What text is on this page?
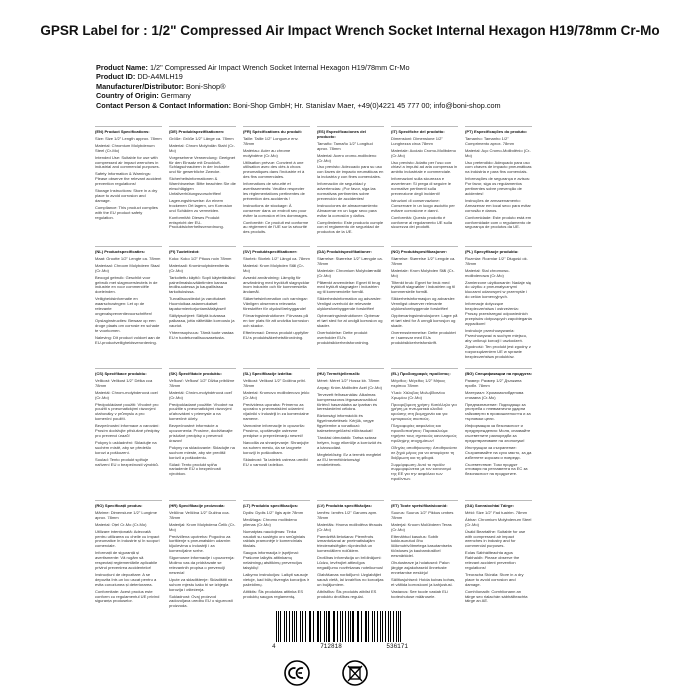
GPSR Label for : 1/2" Compressed Air Impact Wrench Socket Internal Hexagon H19/78mm Cr-Mo
Product Name: 1/2" Compressed Air Impact Wrench Socket Internal Hexagon H19/78mm Cr-Mo
Product ID: DD-A4MLH19
Manufacturer/Distributor: Boni-Shop®
Country of Origin: Germany
Contact Person & Contact Information: Boni-Shop GmbH; Hr. Stanislav Maer, +49(0)4221 45 777 00; info@boni-shop.com

(EN) Product Specifications:

Size: Size 1/2" Length approx. 78mm

Material: Chromium Molybdenum Steel (Cr-Mo)

Intended Use: Suitable for use with compressed air impact wrenches in industrial and commercial purposes.

Safety Information & Warnings: Please observe the relevant accident prevention regulations!

Storage Instructions: Store in a dry place to avoid corrosion and damage.

Compliance: This product complies with the EU product safety regulation.

(DE) Produktspezifikationen:

Größe: Größe 1/2" Länge ca. 78mm

Material: Chrom Molybdän Stahl (Cr-Mo)

Vorgesehene Verwendung: Geeignet für den Einsatz mit Druckluft-Schlagschraubern in der Industrie und für gewerbliche Zwecke.

Sicherheitsinformationen & Warnhinweise: Bitte beachten Sie die einschlägigen Unfallverhütungsvorschriften!

Lagerungshinweise: An einem trockenen Ort lagern, um Korrosion und Schäden zu vermeiden.

Konformität: Dieses Produkt entspricht der EU-Produktsicherheitsverordnung.

(FR) Spécifications du produit:

Taille: Taille 1/2" Longueur env. 78mm

Matériau: Acier au chrome molybdène (Cr-Mo)

Utilisation prévue: Convient à une utilisation avec des clés à chocs pneumatiques dans l'industrie et à des fins commerciales.

Informations de sécurité et avertissements: Veuillez respecter les réglementations pertinentes de prévention des accidents !

Instructions de stockage: À conserver dans un endroit sec pour éviter la corrosion et les dommages.

Conformité: Ce produit est conforme au règlement de l'UE sur la sécurité des produits.

(ES) Especificaciones del producto:

Tamaño: Tamaño 1/2" Longitud aprox. 78mm

Material: Acero cromo-molibdeno (Cr-Mo)

Uso previsto: Adecuado para su uso con llaves de impacto neumáticas en la industria y con fines comerciales.

Información de seguridad y advertencias: ¡Por favor, siga las normativas pertinentes sobre prevención de accidentes!

Instrucciones de almacenamiento: Almacenar en un lugar seco para evitar la corrosión y daños.

Cumplimiento: Este producto cumple con el reglamento de seguridad de productos de la UE.

(IT) Specifiche del prodotto:

Dimensioni: Dimensione 1/2" Lunghezza circa 78mm

Materiale: Acciaio Cromo-Molibdeno (Cr-Mo)

Uso previsto: Adatto per l'uso con chiavi a impulsi ad aria compressa in ambito industriale e commerciale.

Informazioni sulla sicurezza e avvertenze: Si prega di seguire le normative pertinenti sulla prevenzione degli incidenti!

Istruzioni di conservazione: Conservare in un luogo asciutto per evitare corrosione e danni.

Conformità: Questo prodotto è conforme al regolamento UE sulla sicurezza dei prodotti.

(PT) Especificações do produto:

Tamanho: Tamanho 1/2" Comprimento aprox. 78mm

Material: Aço Cromo-Molibdênio (Cr-Mo)

Uso pretendido: Adequado para uso com chaves de impacto pneumáticas na indústria e para fins comerciais.

Informações de segurança e avisos: Por favor, siga os regulamentos pertinentes sobre prevenção de acidentes!

Instruções de armazenamento: Armazenar em local seco para evitar corrosão e danos.

Conformidade: Este produto está em conformidade com o regulamento de segurança de produtos da UE.

(NL) Productspecificaties:

Maat: Grootte 1/2" Lengte ca. 78mm

Materiaal: Chroom Molybdeen Staal (Cr-Mo)

Beoogd gebruik: Geschikt voor gebruik met slagmoersleutels in de industrie en voor commerciële doeleinden.

Veiligheidsinformatie en waarschuwingen: Let op de relevante ongevalspreventievoorschriften!

Opslaginstructies: Bewaar op een droge plaats om corrosie en schade te voorkomen.

Naleving: Dit product voldoet aan de EU-productveiligheidsverordening.

(FI) Tuotetiedot:

Koko: Koko 1/2" Pituus noin 78mm

Materiaali: Kromimolybdeeniteräs (Cr-Mo)

Tarkoitettu käyttö: Sopii käytettäväksi paineilmaiskuvääntimien kanssa teollisuudessa ja kaupallisissa tarkoituksissa.

Turvallisuustiedot ja varoitukset: Huomioikaa asianmukaiset tapaturmientorjuntamääräykset!

Säilytysohjeet: Säilytä kuivassa paikassa, jotta vältetään korroosio ja vauriot.

Yhteensopivuus: Tämä tuote vastaa EU:n tuoteturvallisuusasetusta.

(SV) Produktspecifikationer:

Storlek: Storlek 1/2" Längd ca. 78mm

Material: Krom Molybden Stål (Cr-Mo)

Avsedd användning: Lämplig för användning med tryckluft slagnycklar inom industrin och för kommersiella ändamål.

Säkerhetsinformation och varningar: Vänligen observera relevanta föreskrifter för olycksförebyggande!

Förvaringsinstruktioner: Förvaras på en torr plats för att undvika korrosion och skador.

Efterlevnad: Denna produkt uppfyller EU:s produktsäkerhetsförordning.

(DA) Produktspecifikationer:

Størrelse: Størrelse 1/2" Længde ca. 78mm

Materiale: Chromium Molybdænstål (Cr-Mo)

Påtænkt anvendelse: Egnet til brug med trykluft slagnøgler i industrien og til kommercielle formål.

Sikkerhedsinformation og advarsler: Venligst overhold de relevante ulykkesforebyggende forskrifter!

Opbevaringsinstruktioner: Opbevar et tørt sted for at undgå korrosion og skader.

Overholdelse: Dette produkt overholder EU's produktsikkerhedsforordning.

(NO) Produktspesifikasjoner:

Størrelse: Størrelse 1/2" Lengde ca. 78mm

Materiale: Krom Molybden Stål (Cr-Mo)

Tiltenkt bruk: Egnet for bruk med trykkluft slagnøkler i industrien og til kommersielle formål.

Sikkerhetsinformasjon og advarsler: Vennligst observer relevante ulykkesforebyggende forskrifter!

Oppbevaringsinstruksjoner: Lagre på et tørt sted for å unngå korrosjon og skade.

Overensstemmelse: Dette produktet er i samsvar med EUs produktsikkerhetsforskrift.

(PL) Specyfikacje produktu:

Rozmiar: Rozmiar 1/2" Długość ok. 78mm

Materiał: Stal chromowo-molibdenowa (Cr-Mo)

Zamierzone użytkowanie: Nadaje się do użytku z pneumatycznymi kluczami udarowymi w przemyśle i do celów komercyjnych.

Informacje dotyczące bezpieczeństwa i ostrzeżenia: Proszę przestrzegać odpowiednich przepisów dotyczących zapobiegania wypadkom!

Instrukcje przechowywania: Przechowywać w suchym miejscu, aby uniknąć korozji i uszkodzeń.

Zgodność: Ten produkt jest zgodny z rozporządzeniem UE w sprawie bezpieczeństwa produktów.

(CS) Specifikace produktu:

Velikost: Velikost 1/2" Délka cca 78mm

Materiál: Chrom-molybdenová ocel (Cr-Mo)

Předpokládané použití: Vhodné pro použití s pneumatickými rázovými utahováky v průmyslu a pro komerční použití.

Bezpečnostní informace a varování: Prosím dodržujte příslušné předpisy pro prevenci úrazů!

Pokyny k uskladnění: Skladujte na suchém místě, aby se předešlo korozi a poškození.

Soulad: Tento produkt splňuje nařízení EU o bezpečnosti výrobků.

(SK) Špecifikácie produktu:

Veľkosť: Veľkosť 1/2" Dĺžka približne 78mm

Materiál: Chróm-molybdénová oceľ (Cr-Mo)

Predpokladané použitie: Vhodné na použitie s pneumatickými rázovými uťahovákmi v priemysle a na komerčné účely.

Bezpečnostné informácie a upozornenia: Prosíme, dodržiavajte príslušné predpisy o prevencii úrazov!

Pokyny na skladovanie: Skladujte na suchom mieste, aby ste predišli korózii a poškodeniu.

Súlad: Tento produkt spĺňa nariadenie EÚ o bezpečnosti výrobkov.

(SL) Specifikacije izdelka:

Velikost: Velikost 1/2" Dolžina pribl. 78mm

Material: Kromovo molibdenovo jeklo (Cr-Mo)

Predvidena uporaba: Primerno za uporabo s pnevmatskimi udarnimi vijačniki v industriji in za komercialne namene.

Varnostne informacije in opozorila: Prosimo, upoštevajte ustrezne predpise o preprečevanju nesreč!

Navodila za shranjevanje: Shranjujte na suhem mestu, da se izognete koroziji in poškodbam.

Skladnost: Ta izdelek ustreza uredbi EU o varnosti izdelkov.

(HU) Termékjellemzők:

Méret: Méret 1/2" Hossz kb. 78mm

Anyag: Króm-Molibdén Acél (Cr-Mo)

Tervezett felhasználás: Alkalmas kompresszoros légcsavarozókkal történő használatra az iparban és kereskedelmi célokra.

Biztonsági információk és figyelmeztetések: Kérjük, vegye figyelembe a vonatkozó balesetmegelőzési előírásokat!

Tárolási útmutatók: Tartsa száraz helyen, hogy elkerülje a korróziót és a károsodást.

Megfelelőség: Ez a termék megfelel az EU termékbiztonsági rendeletének.

(EL) Προδιαγραφές προϊόντος:

Μέγεθος: Μέγεθος 1/2" Μήκος περίπου 78mm

Υλικό: Χάλυβας Μολυβδαινίου Χρωμίου (Cr-Mo)

Προοριζόμενη χρήση: Κατάλληλο για χρήση με πνευματικά κλειδιά κρούσης στη βιομηχανία και για εμπορικούς σκοπούς.

Πληροφορίες ασφαλείας και προειδοποιήσεις: Παρακαλούμε τηρήστε τους σχετικούς κανονισμούς πρόληψης ατυχημάτων!

Οδηγίες αποθήκευσης: Αποθηκεύστε σε ξηρό μέρος για να αποφύγετε τη διάβρωση και τη φθορά.

Συμμόρφωση: Αυτό το προϊόν συμμορφώνεται με τον κανονισμό της ΕΕ για την ασφάλεια των προϊόντων.

(BG) Спецификации на продукта:

Размер: Размер 1/2" Дължина прибл. 78mm

Материал: Хромомолибденова стомана (Cr-Mo)

Предназначение: Подходящо за употреба с пневматични ударни гайковерти в промишлеността и за търговски цели.

Информация за безопасност и предупреждения: Моля, спазвайте съответните разпоредби за предотвратяване на злополуки!

Инструкции за съхранение: Съхранявайте на сухо място, за да избегнете корозия и повреди.

Съответствие: Този продукт отговаря на регламента на ЕС за безопасност на продуктите.

(RO) Specificații produs:

Mărime: Dimensiune 1/2" Lungime aprox. 78mm

Material: Oțel Cr-Mo (Cr-Mo)

Utilizare intenționată: Adecvată pentru utilizarea cu cheile cu impact pneumatice în industrie și în scopuri comerciale.

Informații de siguranță și avertismente: Vă rugăm să respectați reglementările aplicabile privind prevenirea accidentelor!

Instrucțiuni de depozitare: A se depozita într-un loc uscat pentru a evita coroziunea și deteriorarea.

Conformitate: Acest produs este conform cu regulamentul UE privind siguranța produselor.

(HR) Specifikacije proizvoda:

Veličina: Veličina 1/2" Dužina cca. 78mm

Materijal: Krom Molybdena Čelik (Cr-Mo)

Predviđena upotreba: Pogodno za korištenje s pneumatskim udarnim ključevima u industriji i za komercijalne svrhe.

Sigurnosne informacije i upozorenja: Molimo vas da pridržavate se relevantnih propisa o prevenciji nesreća!

Upute za skladištenje: Skladištiti na suhom mjestu kako bi se izbjegla korozija i oštećenja.

Sukladnost: Ovaj proizvod zadovoljava uredbu EU o sigurnosti proizvoda.

(LT) Produkto specifikacijos:

Dydis: Dydis 1/2" Ilgis apie 78mm

Medžiaga: Chromo molibdeno plienas (Cr-Mo)

Numatytas naudojimas: Tinka naudoti su suslėgto oro smūginiais raktais pramonėje ir komerciniais tikslais.

Saugos informacija ir įspėjimai: Prašome laikytis atitinkamų nelaimingų atsitikimų prevencijos taisyklių!

Laikymo instrukcijos: Laikyti sausoje vietoje, kad būtų išvengta korozijos ir pažeidimų.

Atitiktis: Šis produktas atitinka ES produktų saugos reglamentą.

(LV) Produkta specifikācijas:

Izmērs: Izmērs 1/2" Garums apm. 78mm

Materiāls: Hroma molibdēna tērauds (Cr-Mo)

Paredzētā lietošana: Piemērots izmantošanai ar pneimatiskajām triecienatslēgām rūpniecībā un komerciāliem nolūkiem.

Drošības informācija un brīdinājumi: Lūdzu, ievērojiet attiecīgos negadījumu novēršanas noteikumus!

Glabāšanas norādījumi: Uzglabājiet sausā vietā, lai izvairītos no korozijas un bojājumiem.

Atbilstība: Šis produkts atbilst ES produktu drošības regulai.

(ET) Toote spetsifikatsioonid:

Suurus: Suurus 1/2" Pikkus umbes 78mm

Materjal: Kroom Molübdeen Teras (Cr-Mo)

Ettenähtud kasutus: Sobib kokkusurutud õhu löökmutrivõtmetega kasutamiseks tööstuses ja kaubanduslikel eesmärkidel.

Ohutusteave ja hoiatused: Palun järgige asjakohaseid õnnetuste ennetamise eeskirju!

Säilitusjuhised: Hoida kuivas kohas, et vältida korrosiooni ja kahjustusi.

Vastavus: See toode vastab ELi tooteohutuse määrusele.

(GA) Sonraíochtaí Táirge:

Méid: Size 1/2" Fad tuairim. 78mm

Ábhar: Chromium Molybdenum Steel (Cr-Mo)

Úsáid Beartaithe: Suitable for use with compressed air impact wrenches in industry and for commercial purposes.

Eolas Sábháilteachta agus Rabhaidh: Please observe the relevant accident prevention regulations!

Treoracha Stórála: Store in a dry place to avoid corrosion and damage.

Comhlíonadh: Comhlíonann an táirge seo rialachán sábháilteachta táirge an AE.

4	712818	536171
